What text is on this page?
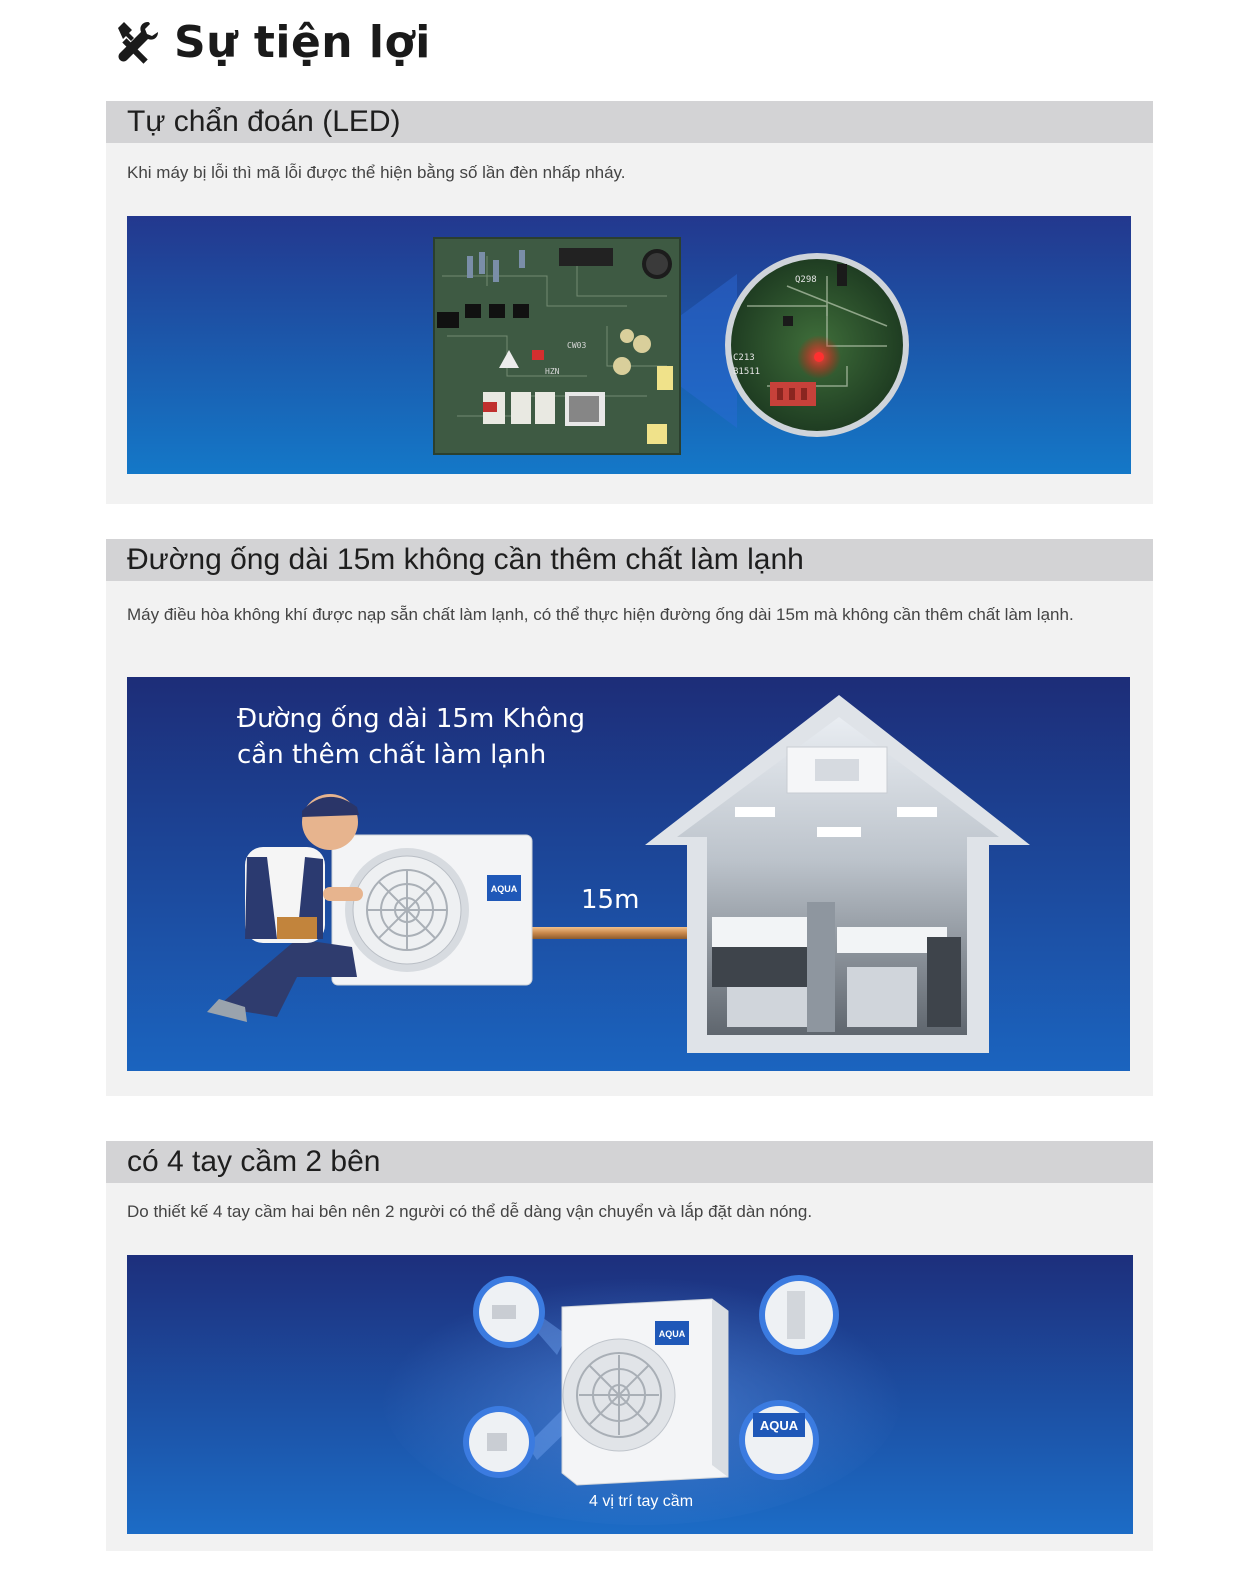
Sự tiện lợi
Tự chẩn đoán (LED)

Khi máy bị lỗi thì mã lỗi được thể hiện bằng số lần đèn nhấp nháy.

HZN
CW03
C213
B1511
Q298
Đường ống dài 15m không cần thêm chất làm lạnh

Máy điều hòa không khí được nạp sẵn chất làm lạnh, có thể thực hiện đường ống dài 15m mà không cần thêm chất làm lạnh.

AQUA
Đường ống dài 15m Không
cần thêm chất làm lạnh
15m
có 4 tay cầm 2 bên

Do thiết kế 4 tay cầm hai bên nên 2 người có thể dễ dàng vận chuyển và lắp đặt dàn nóng.

AQUA
AQUA
4 vị trí tay cầm
